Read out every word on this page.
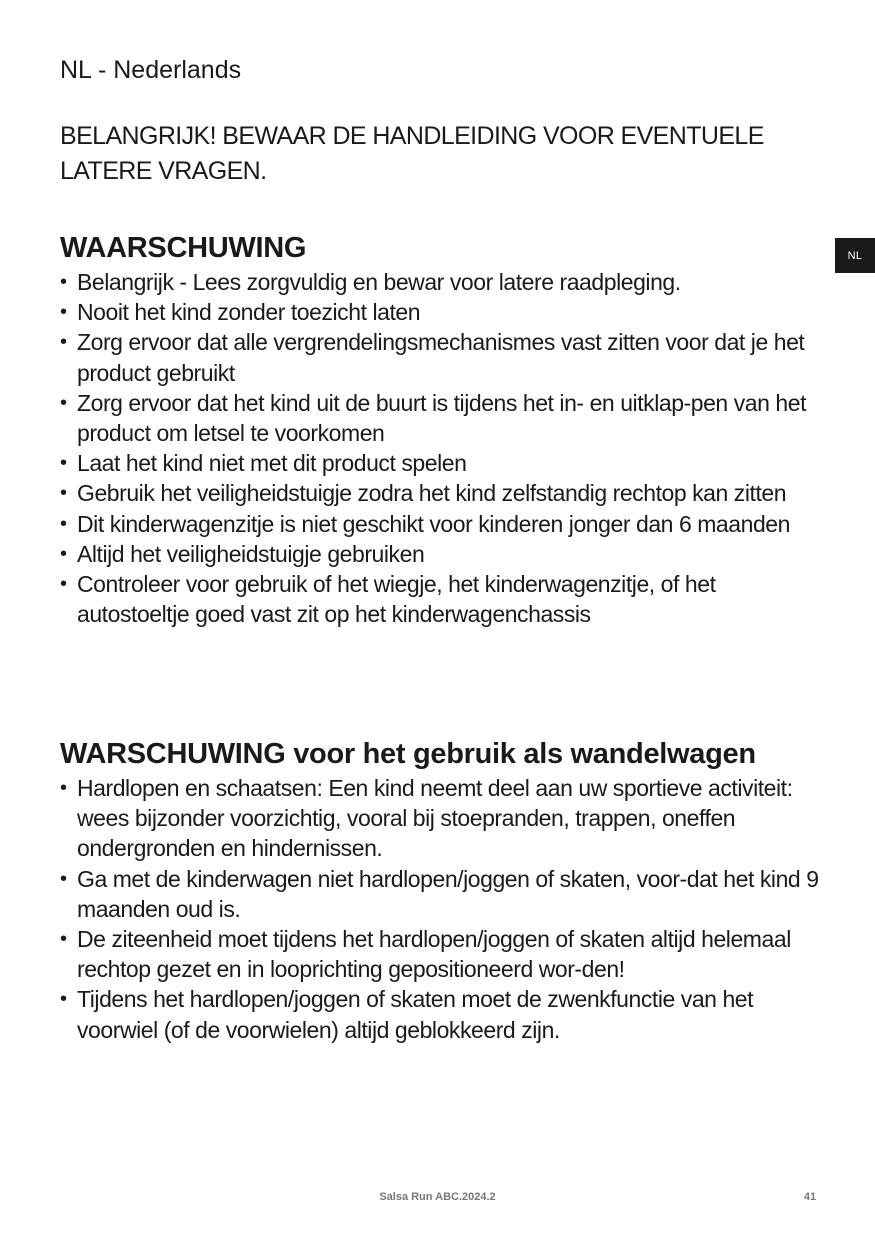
NL - Nederlands

BELANGRIJK! BEWAAR DE HANDLEIDING VOOR EVENTUELE LATERE VRAGEN.

NL
WAARSCHUWING
• Belangrijk - Lees zorgvuldig en bewar voor latere raadpleging.
• Nooit het kind zonder toezicht laten
• Zorg ervoor dat alle vergrendelingsmechanismes vast zitten voor dat je het product gebruikt
• Zorg ervoor dat het kind uit de buurt is tijdens het in- en uitklap-pen van het product om letsel te voorkomen
• Laat het kind niet met dit product spelen
• Gebruik het veiligheidstuigje zodra het kind zelfstandig rechtop kan zitten
• Dit kinderwagenzitje is niet geschikt voor kinderen jonger dan 6 maanden
• Altijd het veiligheidstuigje gebruiken
• Controleer voor gebruik of het wiegje, het kinderwagenzitje, of het autostoeltje goed vast zit op het kinderwagenchassis
WARSCHUWING voor het gebruik als wandelwagen
• Hardlopen en schaatsen: Een kind neemt deel aan uw sportieve activiteit: wees bijzonder voorzichtig, vooral bij stoepranden, trappen, oneffen ondergronden en hindernissen.
• Ga met de kinderwagen niet hardlopen/joggen of skaten, voor-dat het kind 9 maanden oud is.
• De ziteenheid moet tijdens het hardlopen/joggen of skaten altijd helemaal rechtop gezet en in looprichting gepositioneerd wor-den!
• Tijdens het hardlopen/joggen of skaten moet de zwenkfunctie van het voorwiel (of de voorwielen) altijd geblokkeerd zijn.
Salsa Run ABC.2024.2	41
